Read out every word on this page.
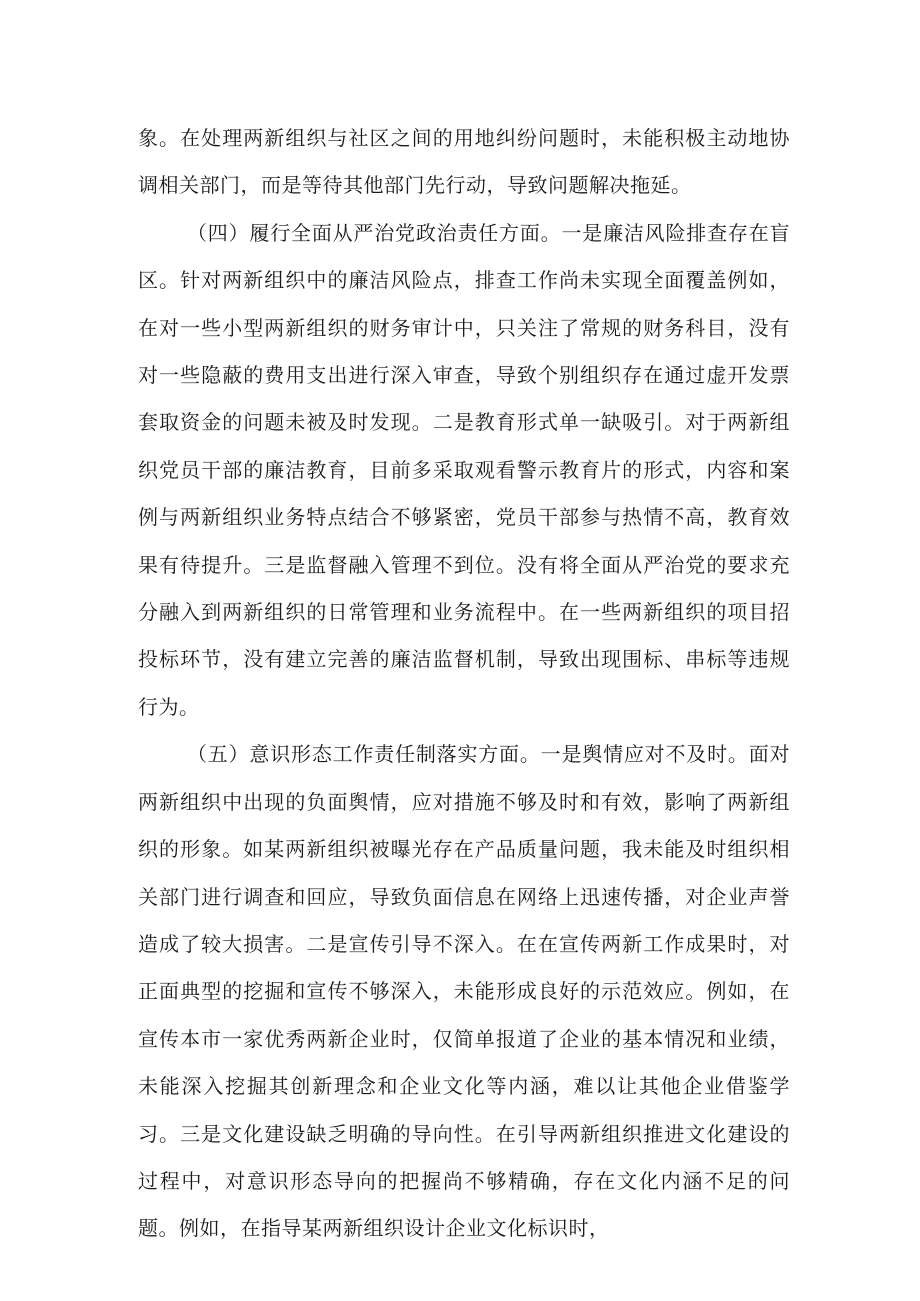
象。在处理两新组织与社区之间的用地纠纷问题时，未能积极主动地协调相关部门，而是等待其他部门先行动，导致问题解决拖延。

（四）履行全面从严治党政治责任方面。一是廉洁风险排查存在盲区。针对两新组织中的廉洁风险点，排查工作尚未实现全面覆盖例如，在对一些小型两新组织的财务审计中，只关注了常规的财务科目，没有对一些隐蔽的费用支出进行深入审查，导致个别组织存在通过虚开发票套取资金的问题未被及时发现。二是教育形式单一缺吸引。对于两新组织党员干部的廉洁教育，目前多采取观看警示教育片的形式，内容和案例与两新组织业务特点结合不够紧密，党员干部参与热情不高，教育效果有待提升。三是监督融入管理不到位。没有将全面从严治党的要求充分融入到两新组织的日常管理和业务流程中。在一些两新组织的项目招投标环节，没有建立完善的廉洁监督机制，导致出现围标、串标等违规行为。

（五）意识形态工作责任制落实方面。一是舆情应对不及时。面对两新组织中出现的负面舆情，应对措施不够及时和有效，影响了两新组织的形象。如某两新组织被曝光存在产品质量问题，我未能及时组织相关部门进行调查和回应，导致负面信息在网络上迅速传播，对企业声誉造成了较大损害。二是宣传引导不深入。在在宣传两新工作成果时，对正面典型的挖掘和宣传不够深入，未能形成良好的示范效应。例如，在宣传本市一家优秀两新企业时，仅简单报道了企业的基本情况和业绩，未能深入挖掘其创新理念和企业文化等内涵，难以让其他企业借鉴学习。三是文化建设缺乏明确的导向性。在引导两新组织推进文化建设的过程中，对意识形态导向的把握尚不够精确，存在文化内涵不足的问题。例如，在指导某两新组织设计企业文化标识时，
